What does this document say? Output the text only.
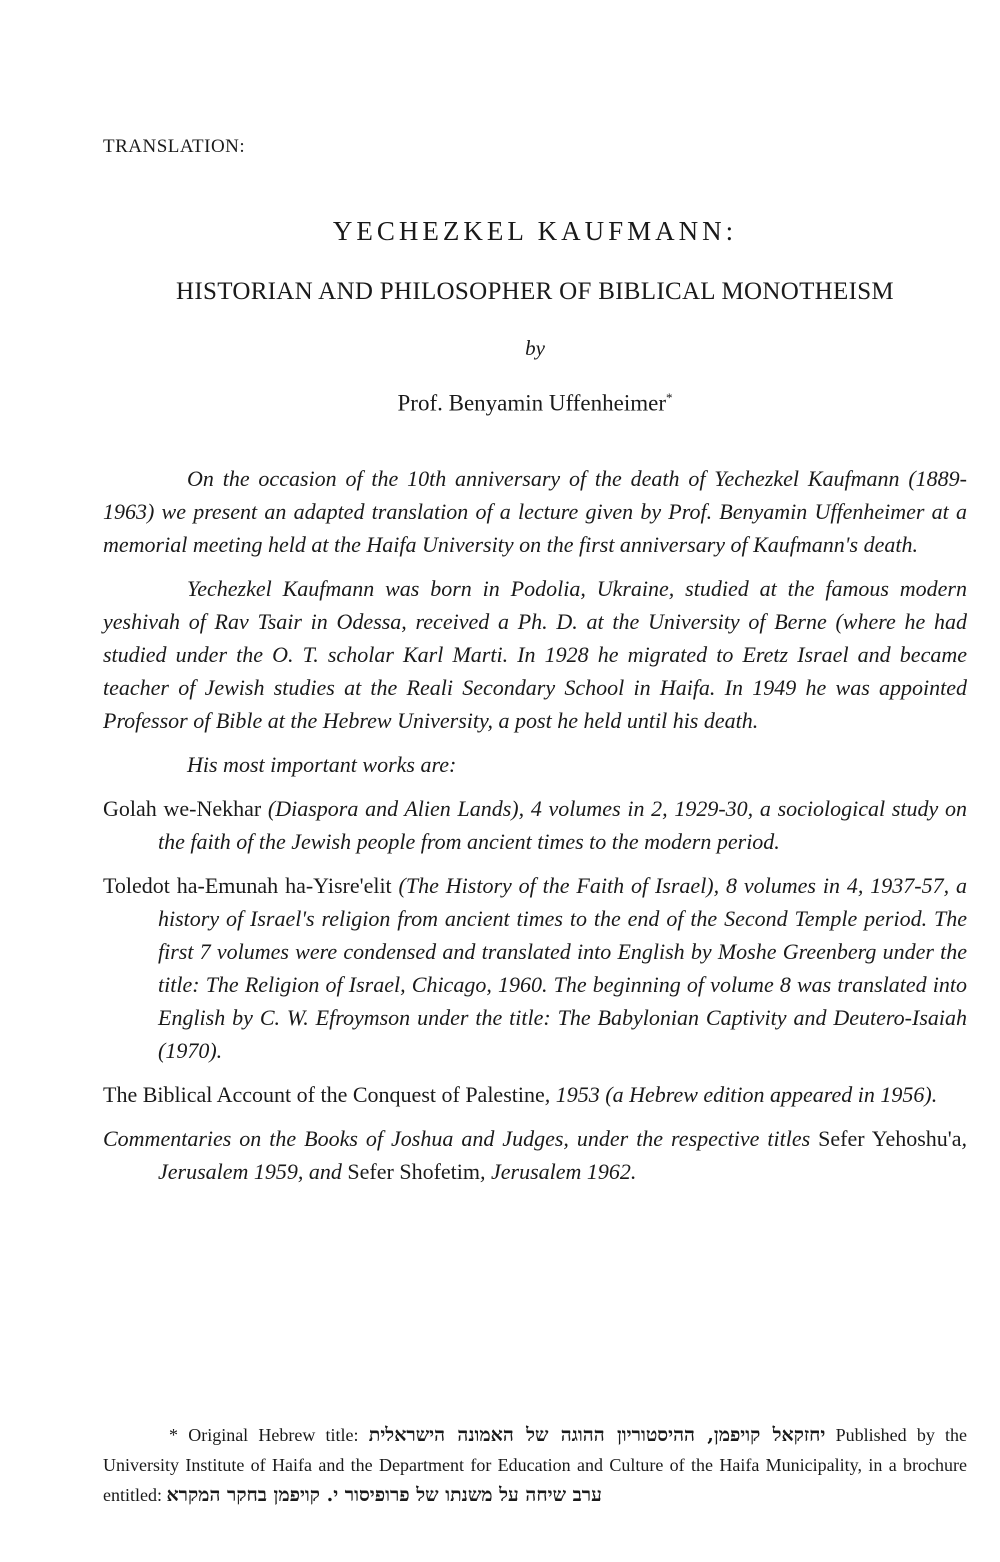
TRANSLATION:
YECHEZKEL KAUFMANN:
HISTORIAN AND PHILOSOPHER OF BIBLICAL MONOTHEISM
by
Prof. Benyamin Uffenheimer*

On the occasion of the 10th anniversary of the death of Yechezkel Kaufmann (1889-1963) we present an adapted translation of a lecture given by Prof. Benyamin Uffenheimer at a memorial meeting held at the Haifa University on the first anniversary of Kaufmann's death.

Yechezkel Kaufmann was born in Podolia, Ukraine, studied at the famous modern yeshivah of Rav Tsair in Odessa, received a Ph. D. at the University of Berne (where he had studied under the O. T. scholar Karl Marti. In 1928 he migrated to Eretz Israel and became teacher of Jewish studies at the Reali Secondary School in Haifa. In 1949 he was appointed Professor of Bible at the Hebrew University, a post he held until his death.

His most important works are:

Golah we-Nekhar (Diaspora and Alien Lands), 4 volumes in 2, 1929-30, a sociological study on the faith of the Jewish people from ancient times to the modern period.

Toledot ha-Emunah ha-Yisre'elit (The History of the Faith of Israel), 8 volumes in 4, 1937-57, a history of Israel's religion from ancient times to the end of the Second Temple period. The first 7 volumes were condensed and translated into English by Moshe Greenberg under the title: The Religion of Israel, Chicago, 1960. The beginning of volume 8 was translated into English by C. W. Efroymson under the title: The Babylonian Captivity and Deutero-Isaiah (1970).

The Biblical Account of the Conquest of Palestine, 1953 (a Hebrew edition appeared in 1956).

Commentaries on the Books of Joshua and Judges, under the respective titles Sefer Yehoshu'a, Jerusalem 1959, and Sefer Shofetim, Jerusalem 1962.

* Original Hebrew title: יחזקאל קויפמן, ההיסטוריון ההוגה של האמונה הישראלית Published by the University Institute of Haifa and the Department for Education and Culture of the Haifa Municipality, in a brochure entitled: ערב שיחה על משנתו של פרופיסור י. קויפמן בחקר המקרא
